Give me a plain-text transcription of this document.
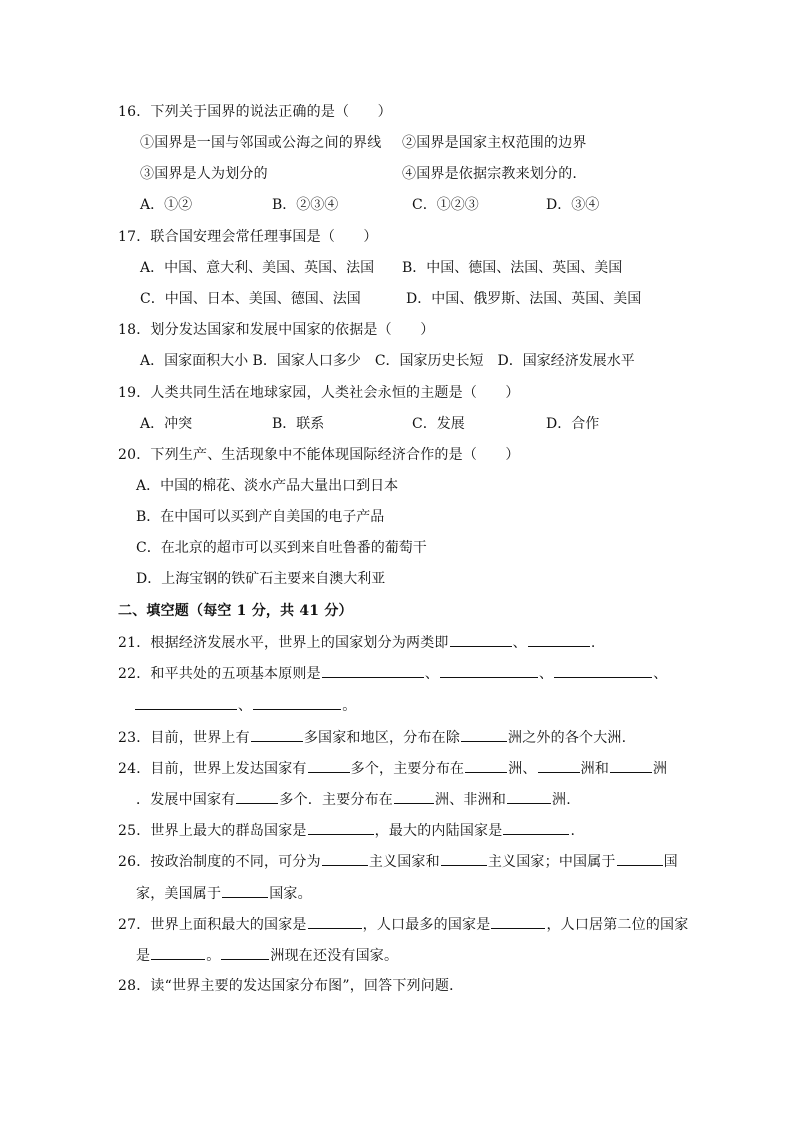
16．下列关于国界的说法正确的是（　　）
①国界是一国与邻国或公海之间的界线 ②国界是国家主权范围的边界
③国界是人为划分的	④国界是依据宗教来划分的.
A．①②	B．②③④	C．①②③	D．③④
17．联合国安理会常任理事国是（　　）
A．中国、意大利、美国、英国、法国 B．中国、德国、法国、英国、美国
C．中国、日本、美国、德国、法国	D．中国、俄罗斯、法国、英国、美国
18．划分发达国家和发展中国家的依据是（　　）
A．国家面积大小 B．国家人口多少　C．国家历史长短　D．国家经济发展水平
19．人类共同生活在地球家园，人类社会永恒的主题是（　　）
A．冲突	B．联系	C．发展	D．合作
20．下列生产、生活现象中不能体现国际经济合作的是（　　）
A．中国的棉花、淡水产品大量出口到日本
B．在中国可以买到产自美国的电子产品
C．在北京的超市可以买到来自吐鲁番的葡萄干
D．上海宝钢的铁矿石主要来自澳大利亚
二、填空题（每空 1 分，共 41 分）
21．根据经济发展水平，世界上的国家划分为两类即	、	.
22．和平共处的五项基本原则是	、	、	、
、	。
23．目前，世界上有	多国家和地区，分布在除	洲之外的各个大洲.
24．目前，世界上发达国家有	多个，主要分布在	洲、	洲和	洲
．发展中国家有	多个．主要分布在	洲、非洲和	洲.
25．世界上最大的群岛国家是	，最大的内陆国家是	.
26．按政治制度的不同，可分为	主义国家和	主义国家；中国属于	国
家，美国属于	国家。
27．世界上面积最大的国家是	，人口最多的国家是	，人口居第二位的国家
是	。	洲现在还没有国家。
28．读“世界主要的发达国家分布图”，回答下列问题．
